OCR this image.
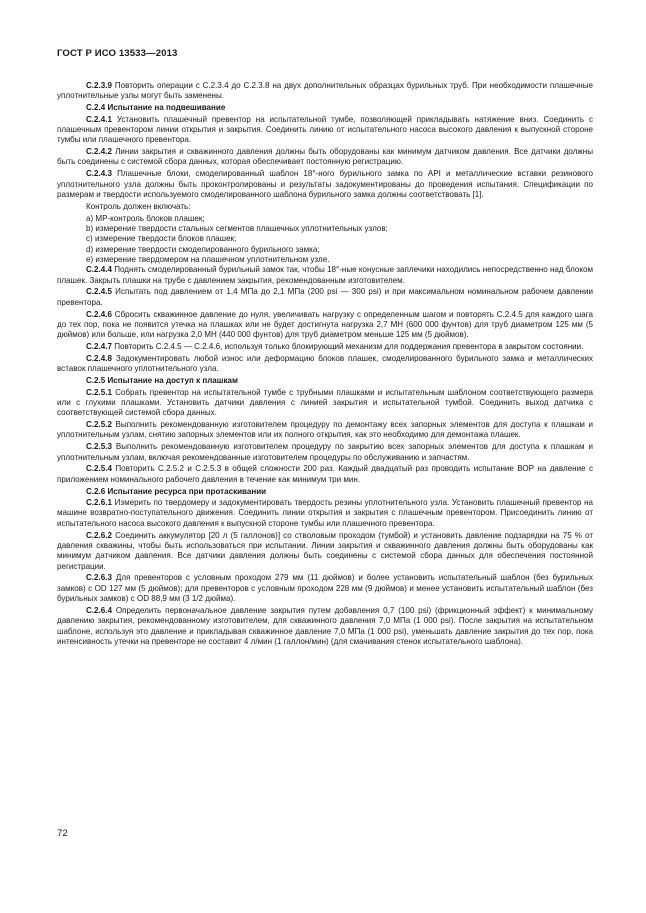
ГОСТ Р ИСО 13533—2013

С.2.3.9 Повторить операции с С.2.3.4 до С.2.3.8 на двух дополнительных образцах бурильных труб. При необходимости плашечные уплотнительные узлы могут быть заменены.

С.2.4 Испытание на подвешивание

С.2.4.1 Установить плашечный превентор на испытательной тумбе, позволяющей прикладывать натяжение вниз. Соединить с плашечным превентором линии открытия и закрытия. Соединить линию от испытательного насоса высокого давления к выпускной стороне тумбы или плашечного превентора.

С.2.4.2 Линии закрытия и скважинного давления должны быть оборудованы как минимум датчиком давления. Все датчики должны быть соединены с системой сбора данных, которая обеспечивает постоянную регистрацию.

С.2.4.3 Плашечные блоки, смоделированный шаблон 18°-ного бурильного замка по API и металлические вставки резинового уплотнительного узла должны быть проконтролированы и результаты задокументированы до проведения испытания. Спецификации по размерам и твердости используемого смоделированного шаблона бурильного замка должны соответствовать [1].

Контроль должен включать:

а) МР-контроль блоков плашек;

b) измерение твердости стальных сегментов плашечных уплотнительных узлов;

c) измерение твердости блоков плашек;

d) измерение твердости смоделированного бурильного замка;

e) измерение твердомером на плашечном уплотнительном узле.

С.2.4.4 Поднять смоделированный бурильный замок так, чтобы 18°-ные конусные заплечики находились непосредственно над блоком плашек. Закрыть плашки на трубе с давлением закрытия, рекомендованным изготовителем.

С.2.4.5 Испытать под давлением от 1,4 МПа до 2,1 МПа (200 psi — 300 psi) и при максимальном номинальном рабочем давлении превентора.

С.2.4.6 Сбросить скважинное давление до нуля, увеличивать нагрузку с определенным шагом и повторять С.2.4.5 для каждого шага до тех пор, пока не появится утечка на плашках или не будет достигнута нагрузка 2,7 МН (600 000 фунтов) для труб диаметром 125 мм (5 дюймов) или больше, или нагрузка 2,0 МН (440 000 фунтов) для труб диаметром меньше 125 мм (5 дюймов).

С.2.4.7 Повторить С.2.4.5 — С.2.4.6, используя только блокирующий механизм для поддержания превентора в закрытом состоянии.

С.2.4.8 Задокументировать любой износ или деформацию блоков плашек, смоделированного бурильного замка и металлических вставок плашечного уплотнительного узла.

С.2.5 Испытание на доступ к плашкам

С.2.5.1 Собрать превентор на испытательной тумбе с трубными плашками и испытательным шаблоном соответствующего размера или с глухими плашками. Установить датчики давления с линией закрытия и испытательной тумбой. Соединить выход датчика с соответствующей системой сбора данных.

С.2.5.2 Выполнить рекомендованную изготовителем процедуру по демонтажу всех запорных элементов для доступа к плашкам и уплотнительным узлам, снятию запорных элементов или их полного открытия, как это необходимо для демонтажа плашек.

С.2.5.3 Выполнить рекомендованную изготовителем процедуру по закрытию всех запорных элементов для доступа к плашкам и уплотнительным узлам, включая рекомендованные изготовителем процедуры по обслуживанию и запчастям.

С.2.5.4 Повторить С.2.5.2 и С.2.5.3 в общей сложности 200 раз. Каждый двадцатый раз проводить испытание ВОР на давление с приложением номинального рабочего давления в течение как минимум три мин.

С.2.6 Испытание ресурса при протаскивании

С.2.6.1 Измерить по твердомеру и задокументировать твердость резины уплотнительного узла. Установить плашечный превентор на машине возвратно-поступательного движения. Соединить линии открытия и закрытия с плашечным превентором. Присоединить линию от испытательного насоса высокого давления к выпускной стороне тумбы или плашечного превентора.

С.2.6.2 Соединить аккумулятор [20 л (5 галлонов)] со стволовым проходом (тумбой) и установить давление подзарядки на 75 % от давления скважины, чтобы быть использоваться при испытании. Линии закрытия и скважинного давления должны быть оборудованы как минимум датчиком давления. Все датчики давления должны быть соединены с системой сбора данных для обеспечения постоянной регистрации.

С.2.6.3 Для превенторов с условным проходом 279 мм (11 дюймов) и более установить испытательный шаблон (без бурильных замков) с OD 127 мм (5 дюймов); для превенторов с условным проходом 228 мм (9 дюймов) и менее установить испытательный шаблон (без бурильных замков) с OD 88,9 мм (3 1/2 дюйма).

С.2.6.4 Определить первоначальное давление закрытия путем добавления 0,7 (100 psi) (фрикционный эффект) к минимальному давлению закрытия, рекомендованному изготовителем, для скважинного давления 7,0 МПа (1 000 psi). После закрытия на испытательном шаблоне, используя это давление и прикладывая скважинное давление 7,0 МПа (1 000 psi), уменьшать давление закрытия до тех пор, пока интенсивность утечки на превенторе не составит 4 л/мин (1 галлон/мин) (для смачивания стенок испытательного шаблона).

72
